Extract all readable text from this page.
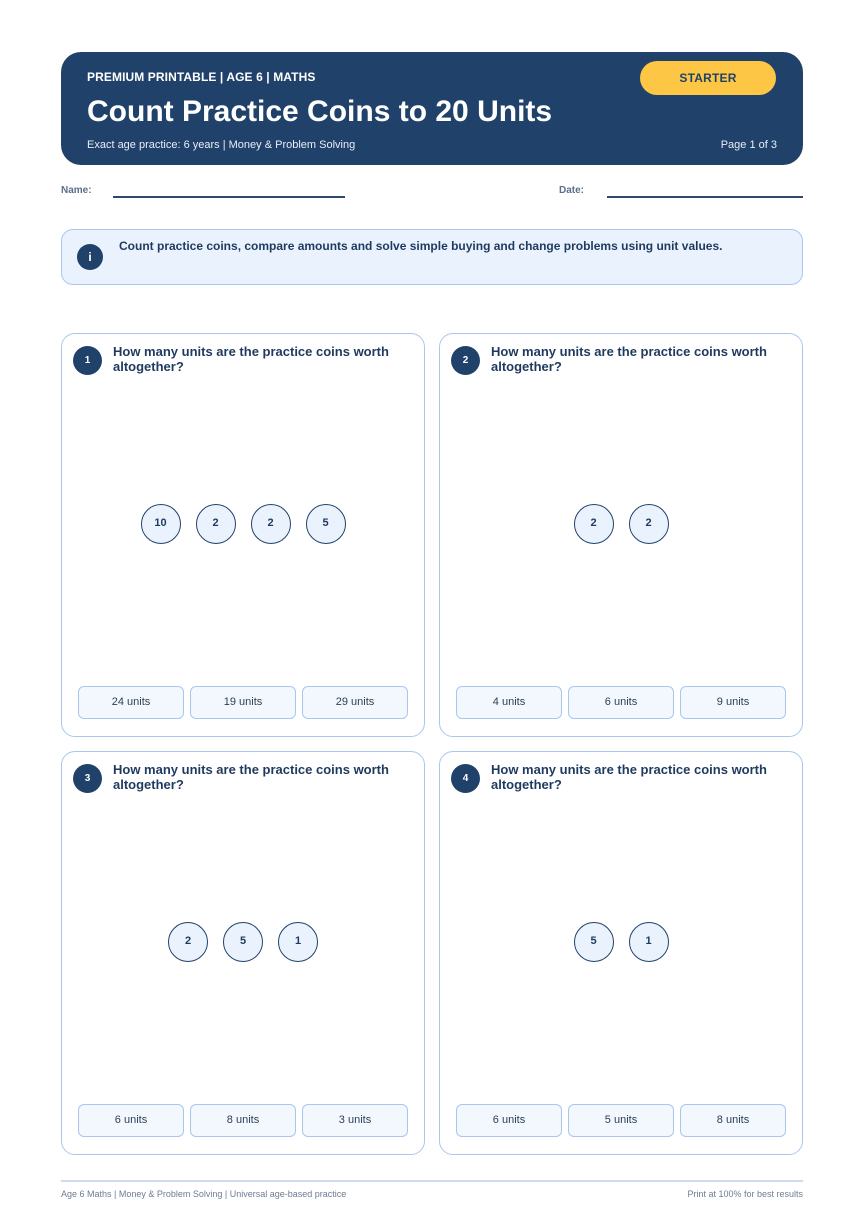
PREMIUM PRINTABLE | AGE 6 | MATHS
Count Practice Coins to 20 Units
Exact age practice: 6 years | Money & Problem Solving	Page 1 of 3
STARTER
Name:	Date:
i
Count practice coins, compare amounts and solve simple buying and change problems using unit values.
1
How many units are the practice coins worth altogether?
10	2	2	5
24 units	19 units	29 units
2
How many units are the practice coins worth altogether?
2	2
4 units	6 units	9 units
3
How many units are the practice coins worth altogether?
2	5	1
6 units	8 units	3 units
4
How many units are the practice coins worth altogether?
5	1
6 units	5 units	8 units
Age 6 Maths | Money & Problem Solving | Universal age-based practice	Print at 100% for best results
